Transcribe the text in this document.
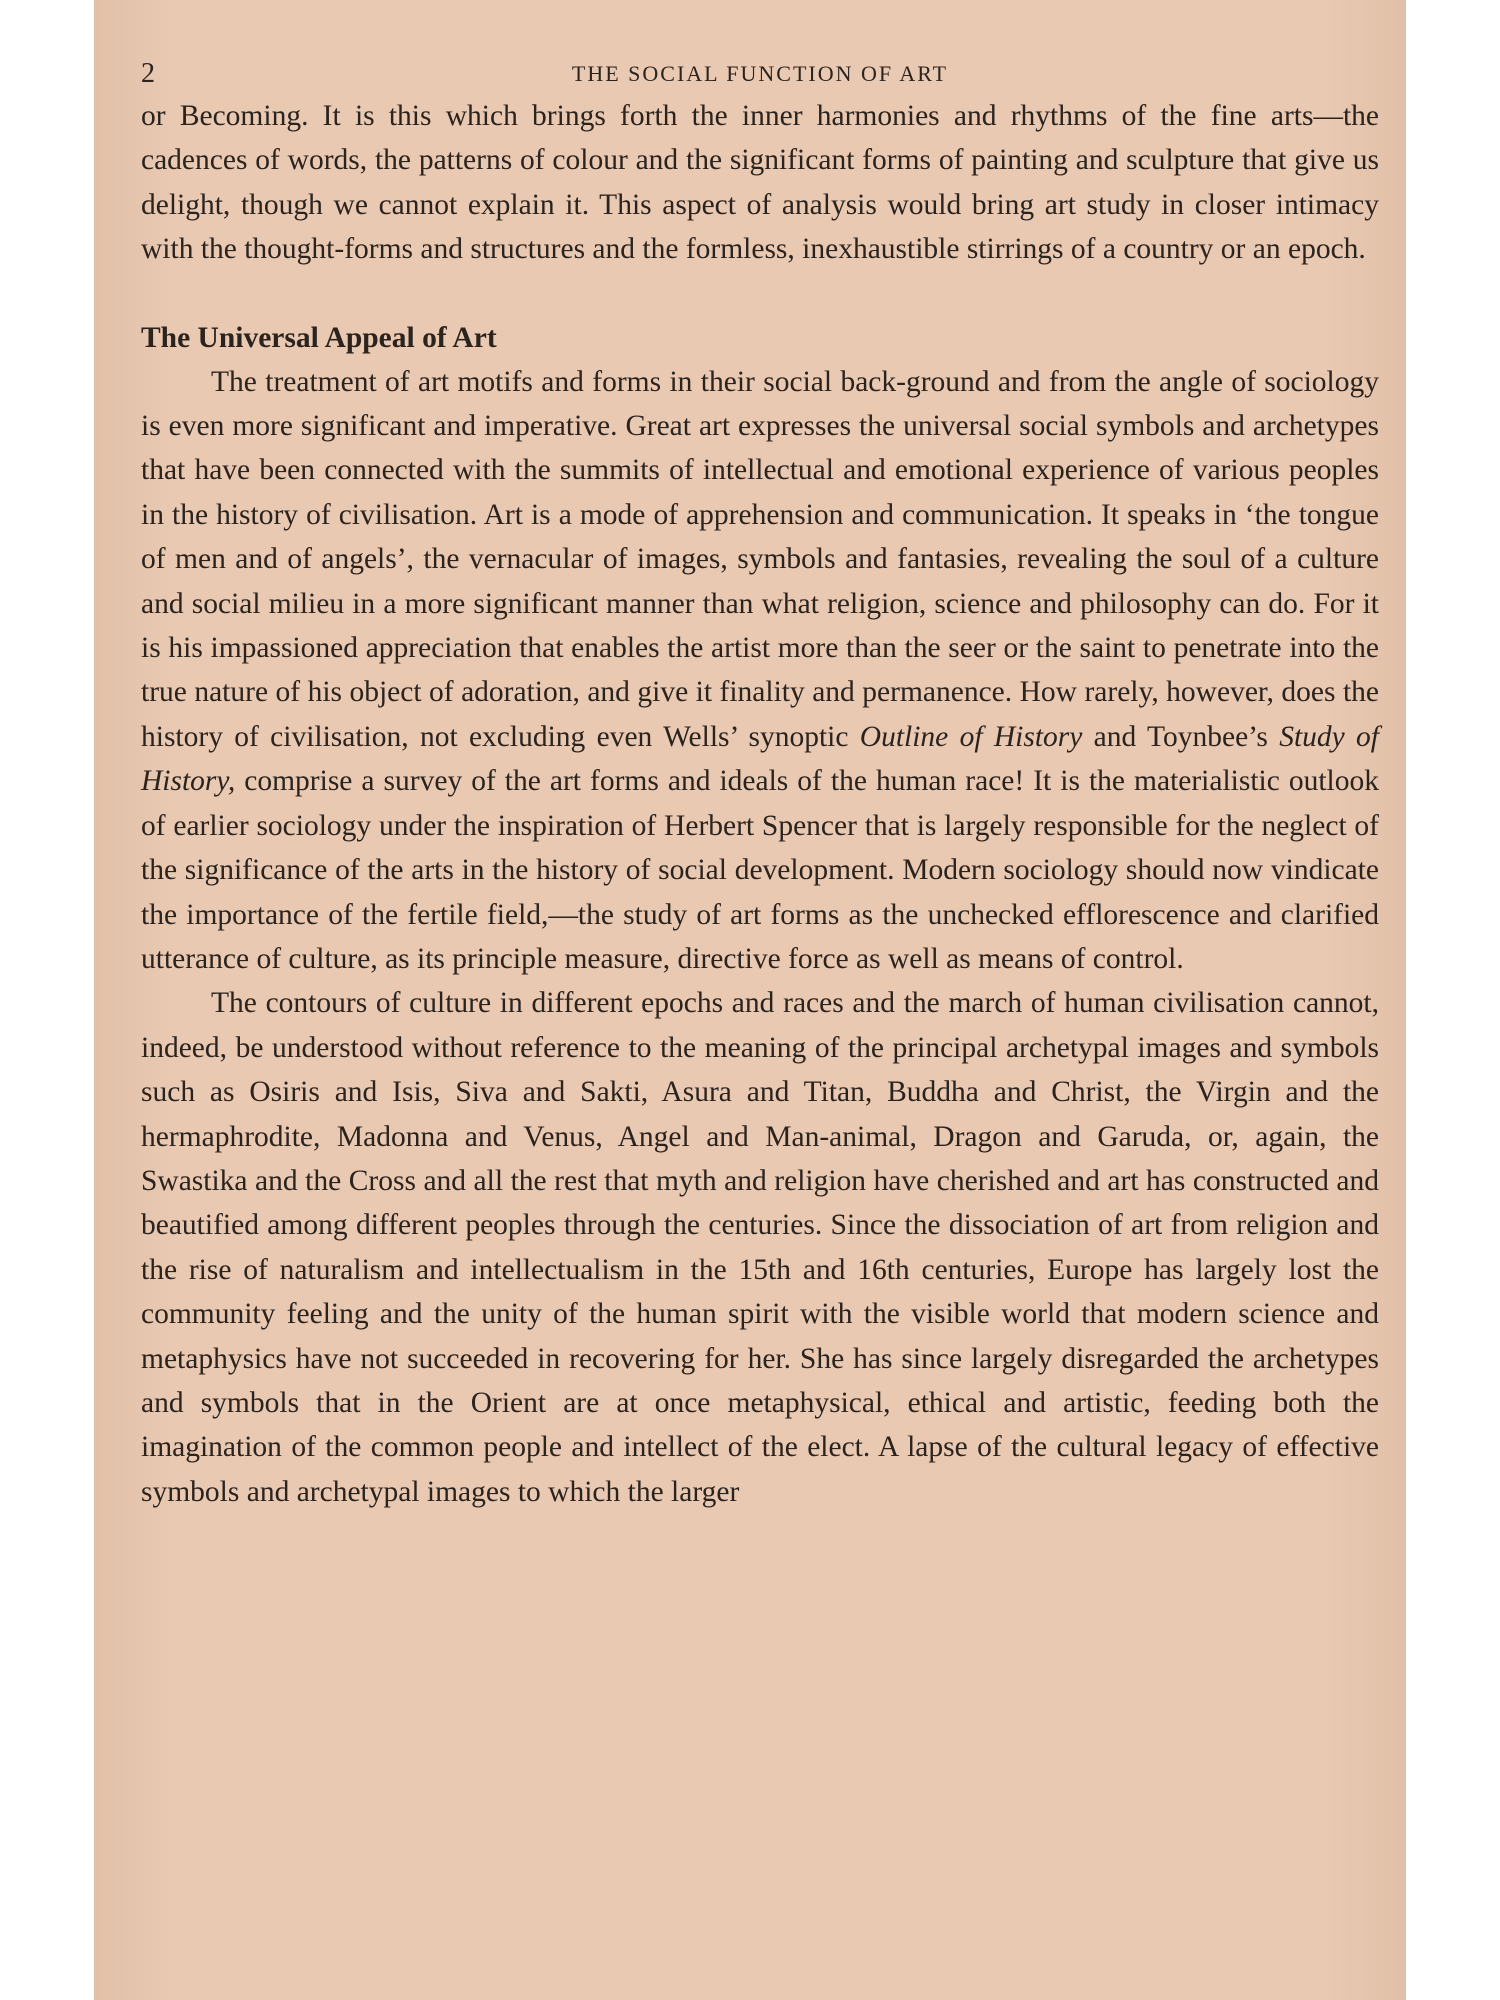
2	THE SOCIAL FUNCTION OF ART

or Becoming. It is this which brings forth the inner harmonies and rhythms of the fine arts—the cadences of words, the patterns of colour and the significant forms of painting and sculpture that give us delight, though we cannot explain it. This aspect of analysis would bring art study in closer intimacy with the thought-forms and structures and the formless, inexhaustible stirrings of a country or an epoch.

The Universal Appeal of Art

The treatment of art motifs and forms in their social back-ground and from the angle of sociology is even more significant and imperative. Great art expresses the universal social symbols and archetypes that have been connected with the summits of intellectual and emotional experience of various peoples in the history of civilisation. Art is a mode of apprehension and communication. It speaks in ‘the tongue of men and of angels’, the vernacular of images, symbols and fantasies, revealing the soul of a culture and social milieu in a more significant manner than what religion, science and philosophy can do. For it is his impassioned appreciation that enables the artist more than the seer or the saint to penetrate into the true nature of his object of adoration, and give it finality and permanence. How rarely, however, does the history of civilisation, not excluding even Wells’ synoptic Outline of History and Toynbee’s Study of History, comprise a survey of the art forms and ideals of the human race! It is the materialistic outlook of earlier sociology under the inspiration of Herbert Spencer that is largely responsible for the neglect of the significance of the arts in the history of social development. Modern sociology should now vindicate the importance of the fertile field,—the study of art forms as the unchecked efflorescence and clarified utterance of culture, as its principle measure, directive force as well as means of control.

The contours of culture in different epochs and races and the march of human civilisation cannot, indeed, be understood without reference to the meaning of the principal archetypal images and symbols such as Osiris and Isis, Siva and Sakti, Asura and Titan, Buddha and Christ, the Virgin and the hermaphrodite, Madonna and Venus, Angel and Man-animal, Dragon and Garuda, or, again, the Swastika and the Cross and all the rest that myth and religion have cherished and art has constructed and beautified among different peoples through the centuries. Since the dissociation of art from religion and the rise of naturalism and intellectualism in the 15th and 16th centuries, Europe has largely lost the community feeling and the unity of the human spirit with the visible world that modern science and metaphysics have not succeeded in recovering for her. She has since largely disregarded the archetypes and symbols that in the Orient are at once metaphysical, ethical and artistic, feeding both the imagination of the common people and intellect of the elect. A lapse of the cultural legacy of effective symbols and archetypal images to which the larger
